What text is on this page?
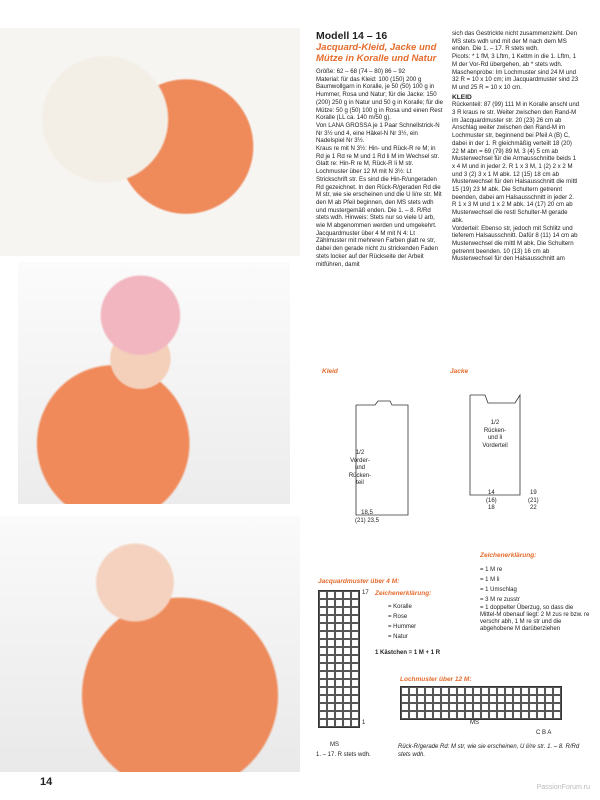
Modell 14 – 16

Jacquard-Kleid, Jacke und Mütze in Koralle und Natur

Größe: 62 – 68 (74 – 80) 86 – 92

Material: für das Kleid: 100 (150) 200 g Baumwollgarn in Koralle, je 50 (50) 100 g in Hummer, Rosa und Natur; für die Jacke: 150 (200) 250 g in Natur und 50 g in Koralle; für die Mütze: 50 g (50) 100 g in Rosa und einen Rest Koralle (LL ca. 140 m/50 g).

Von LANA GROSSA je 1 Paar Schnellstrick-N Nr 3½ und 4, eine Häkel-N Nr 3½, ein Nadelspiel Nr 3½.

Kraus re mit N 3½: Hin- und Rück-R re M; in Rd je 1 Rd re M und 1 Rd li M im Wechsel str.

Glatt re: Hin-R re M, Rück-R li M str.

Lochmuster über 12 M mit N 3½: Lt Strickschrift str. Es sind die Hin-R/ungeraden Rd gezeichnet. In den Rück-R/geraden Rd die M str, wie sie erscheinen und die U li/re str. Mit den M ab Pfeil beginnen, den MS stets wdh und mustergemäß enden. Die 1. – 8. R/Rd stets wdh. Hinweis: Stets nur so viele U arb, wie M abgenommen werden und umgekehrt.

Jacquardmuster über 4 M mit N 4: Lt Zählmuster mit mehreren Farben glatt re str, dabei den gerade nicht zu strickenden Faden stets locker auf der Rückseite der Arbeit mitführen, damit

sich das Gestrickte nicht zusammenzieht. Den MS stets wdh und mit der M nach dem MS enden. Die 1. – 17. R stets wdh.

Picots: * 1 fM, 3 Lftm, 1 Kettm in die 1. Lftm, 1 M der Vor-Rd übergehen, ab * stets wdh.

Maschenprobe: Im Lochmuster sind 24 M und 32 R = 10 x 10 cm; im Jacquardmuster sind 23 M und 25 R = 10 x 10 cm.

KLEID

Rückenteil: 87 (99) 111 M in Koralle anschl und 3 R kraus re str. Weiter zwischen den Rand-M im Jacquardmuster str. 20 (23) 26 cm ab Anschlag weiter zwischen den Rand-M im Lochmuster str, beginnend bei Pfeil A (B) C, dabei in der 1. R gleichmäßig verteilt 18 (20) 22 M abn = 69 (79) 89 M. 3 (4) 5 cm ab Musterwechsel für die Armausschnitte beids 1 x 4 M und in jeder 2. R 1 x 3 M, 1 (2) 2 x 2 M und 3 (2) 3 x 1 M abk. 12 (15) 18 cm ab Musterwechsel für den Halsausschnitt die mittl 15 (19) 23 M abk. Die Schultern getrennt beenden, dabei am Halsausschnitt in jeder 2. R 1 x 3 M und 1 x 2 M abk. 14 (17) 20 cm ab Musterwechsel die restl Schulter-M gerade abk.

Vorderteil: Ebenso str, jedoch mit Schlitz und tieferem Halsausschnitt. Dafür 8 (11) 14 cm ab Musterwechsel die mittl M abk. Die Schultern getrennt beenden. 10 (13) 16 cm ab Musterwechsel für den Halsausschnitt am

Kleid	Jacke
1/2
Vorder-
und
Rücken-
teil
1/2
Rücken-
und li
Vorderteil
18,5
(21) 23,5
14
(16)
18
19
(21)
22
Zeichenerklärung:
= 1 M re
= 1 M li
= 1 Umschlag
= 3 M re zusstr
= 1 doppelter Überzug, so dass die Mittel-M obenauf liegt: 2 M zus re bzw. re verschr abh, 1 M re str und die abgehobene M darüberziehen
Jacquardmuster über 4 M:
17
1
MS
1. – 17. R stets wdh.
Zeichenerklärung:
= Koralle
= Rose
= Hummer
= Natur
1 Kästchen = 1 M + 1 R
Lochmuster über 12 M:
MS
C B A
Rück-R/gerade Rd: M str, wie sie erscheinen, U li/re str. 1. – 8. R/Rd stets wdh.
14	PassionForum.ru
